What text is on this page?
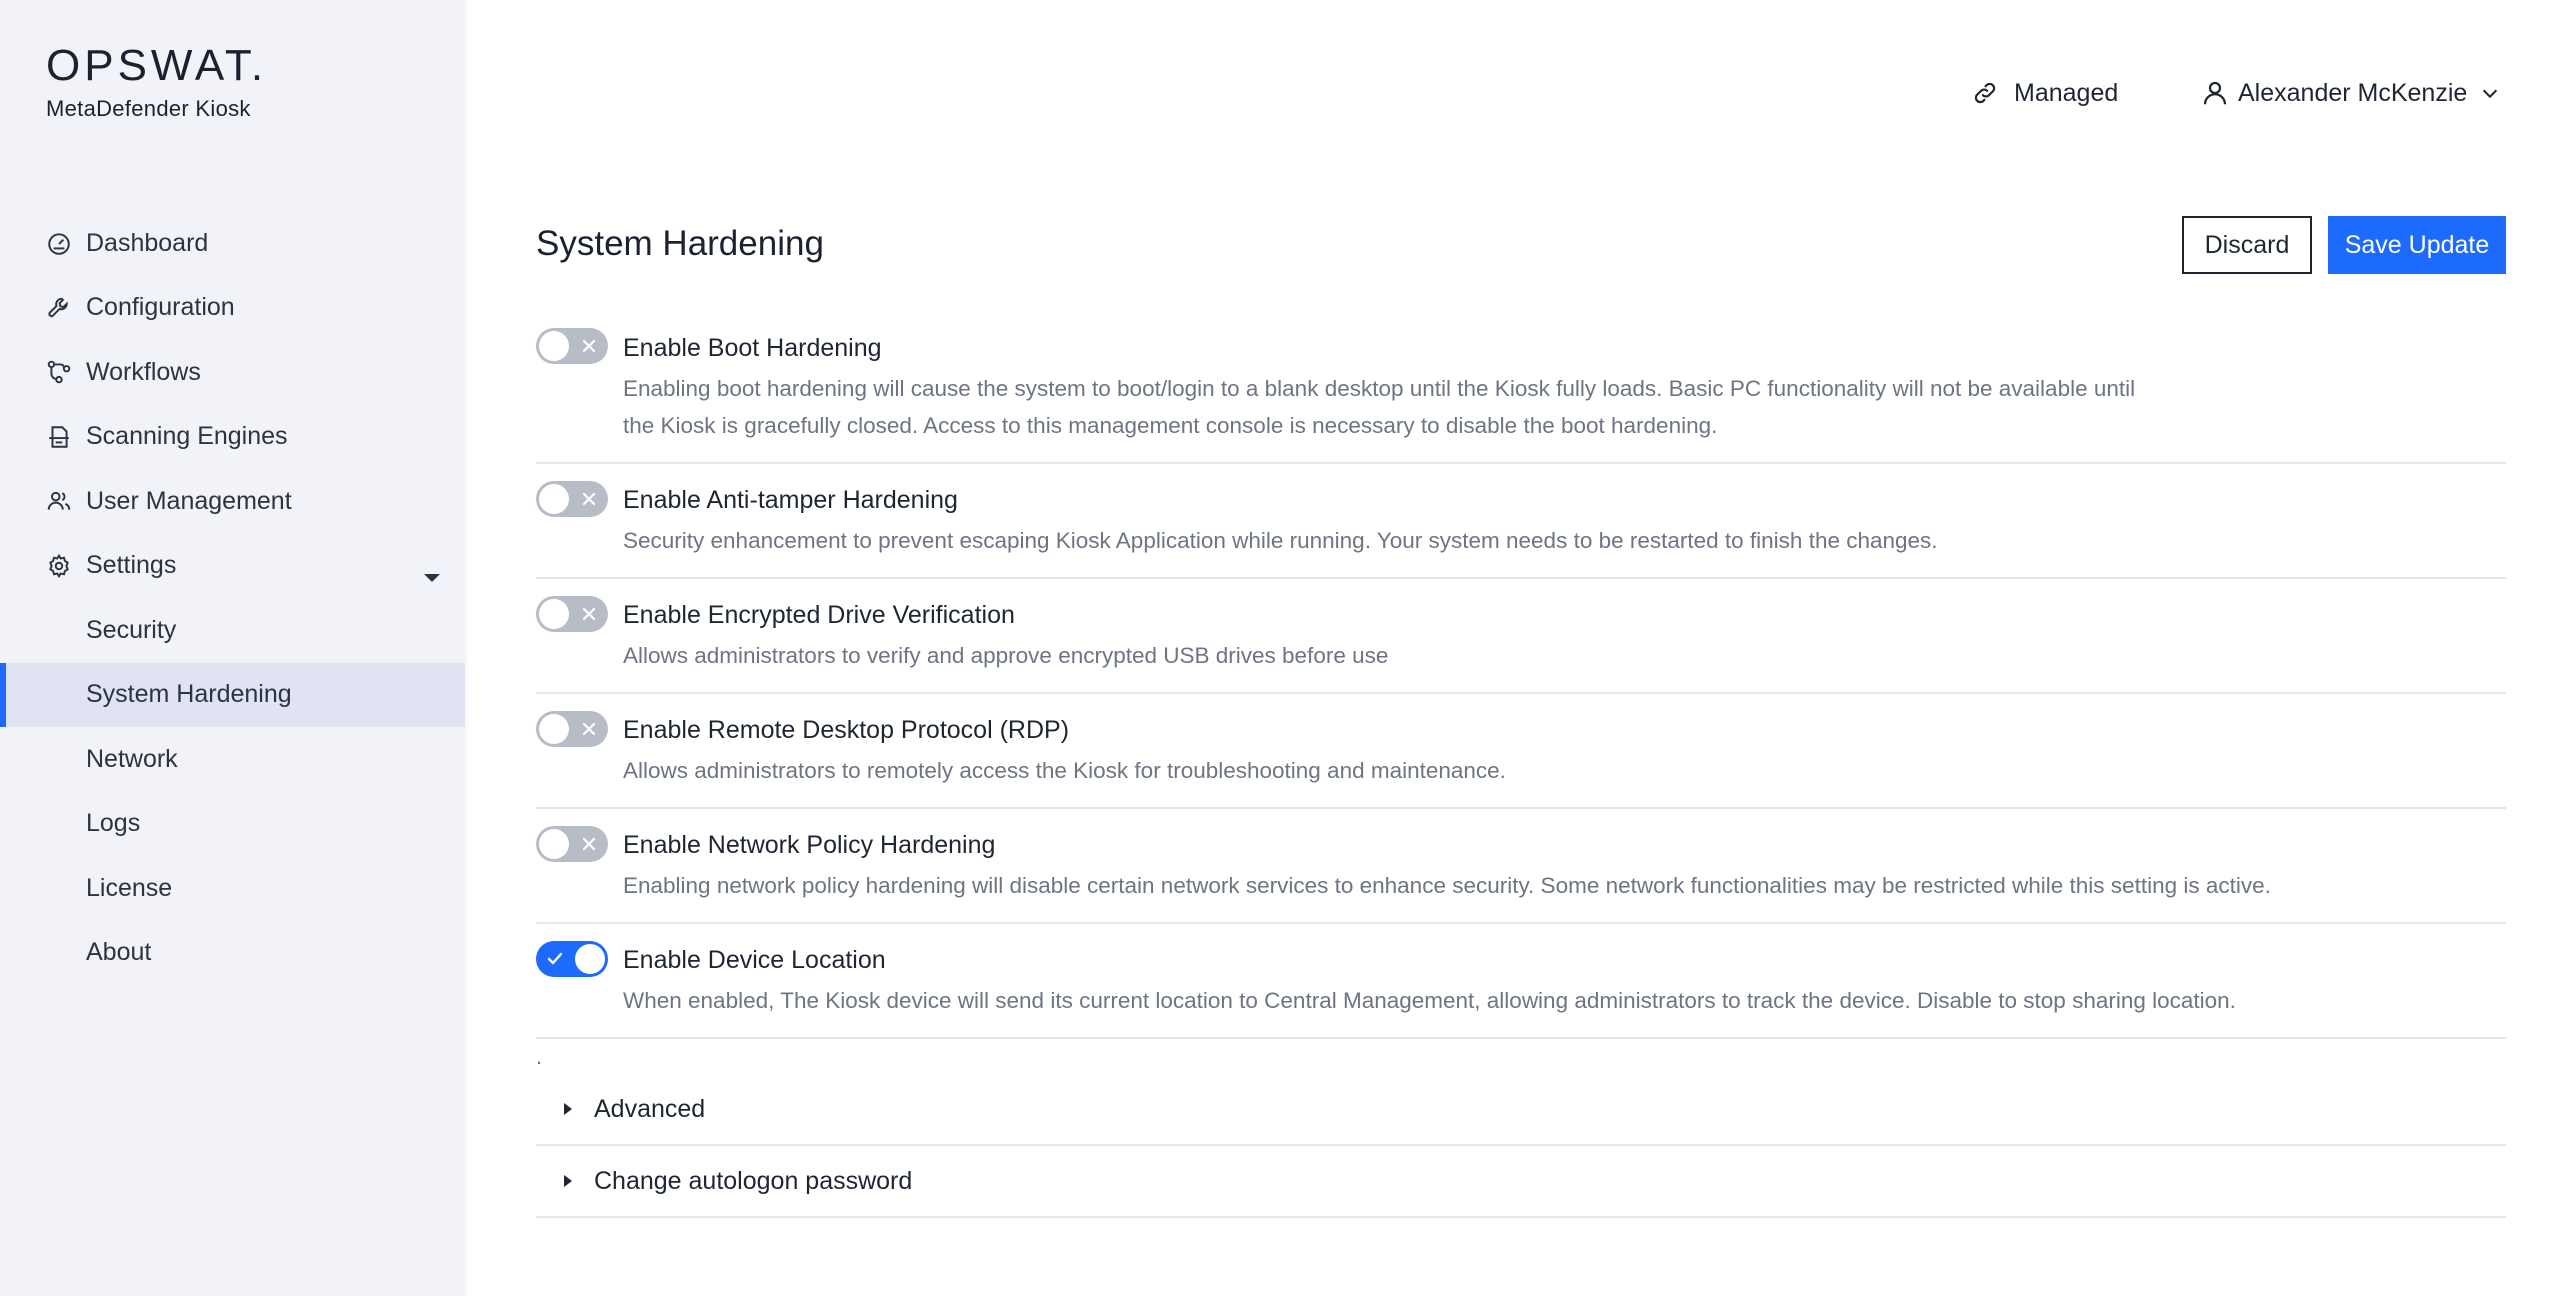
OPSWAT.
MetaDefender Kiosk
Dashboard
Configuration
Workflows
Scanning Engines
User Management
Settings
Security
System Hardening
Network
Logs
License
About
Managed	Alexander McKenzie
System Hardening	Discard	Save Update
Enable Boot Hardening
Enabling boot hardening will cause the system to boot/login to a blank desktop until the Kiosk fully loads. Basic PC functionality will not be available until the Kiosk is gracefully closed. Access to this management console is necessary to disable the boot hardening.
Enable Anti-tamper Hardening
Security enhancement to prevent escaping Kiosk Application while running. Your system needs to be restarted to finish the changes.
Enable Encrypted Drive Verification
Allows administrators to verify and approve encrypted USB drives before use
Enable Remote Desktop Protocol (RDP)
Allows administrators to remotely access the Kiosk for troubleshooting and maintenance.
Enable Network Policy Hardening
Enabling network policy hardening will disable certain network services to enhance security. Some network functionalities may be restricted while this setting is active.
Enable Device Location
When enabled, The Kiosk device will send its current location to Central Management, allowing administrators to track the device. Disable to stop sharing location.
.
Advanced
Change autologon password
